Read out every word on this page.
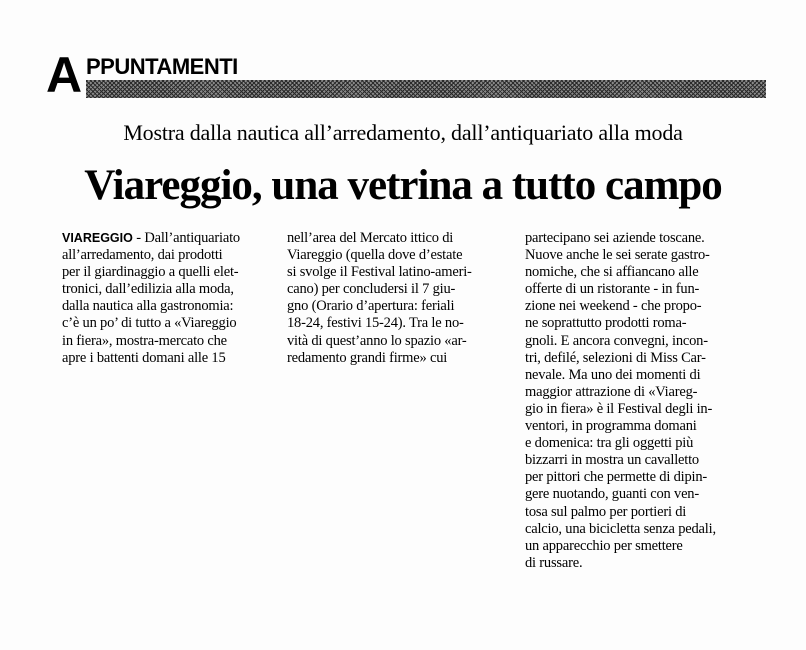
A PPUNTAMENTI
Mostra dalla nautica all’arredamento, dall’antiquariato alla moda
Viareggio, una vetrina a tutto campo
VIAREGGIO - Dall’antiquariato
all’arredamento, dai prodotti
per il giardinaggio a quelli elet-
tronici, dall’edilizia alla moda,
dalla nautica alla gastronomia:
c’è un po’ di tutto a «Viareggio
in fiera», mostra-mercato che
apre i battenti domani alle 15
nell’area del Mercato ittico di
Viareggio (quella dove d’estate
si svolge il Festival latino-ameri-
cano) per concludersi il 7 giu-
gno (Orario d’apertura: feriali
18-24, festivi 15-24). Tra le no-
vità di quest’anno lo spazio «ar-
redamento grandi firme» cui
partecipano sei aziende toscane.
Nuove anche le sei serate gastro-
nomiche, che si affiancano alle
offerte di un ristorante - in fun-
zione nei weekend - che propo-
ne soprattutto prodotti roma-
gnoli. E ancora convegni, incon-
tri, defilé, selezioni di Miss Car-
nevale. Ma uno dei momenti di
maggior attrazione di «Viareg-
gio in fiera» è il Festival degli in-
ventori, in programma domani
e domenica: tra gli oggetti più
bizzarri in mostra un cavalletto
per pittori che permette di dipin-
gere nuotando, guanti con ven-
tosa sul palmo per portieri di
calcio, una bicicletta senza pedali,
un apparecchio per smettere
di russare.
